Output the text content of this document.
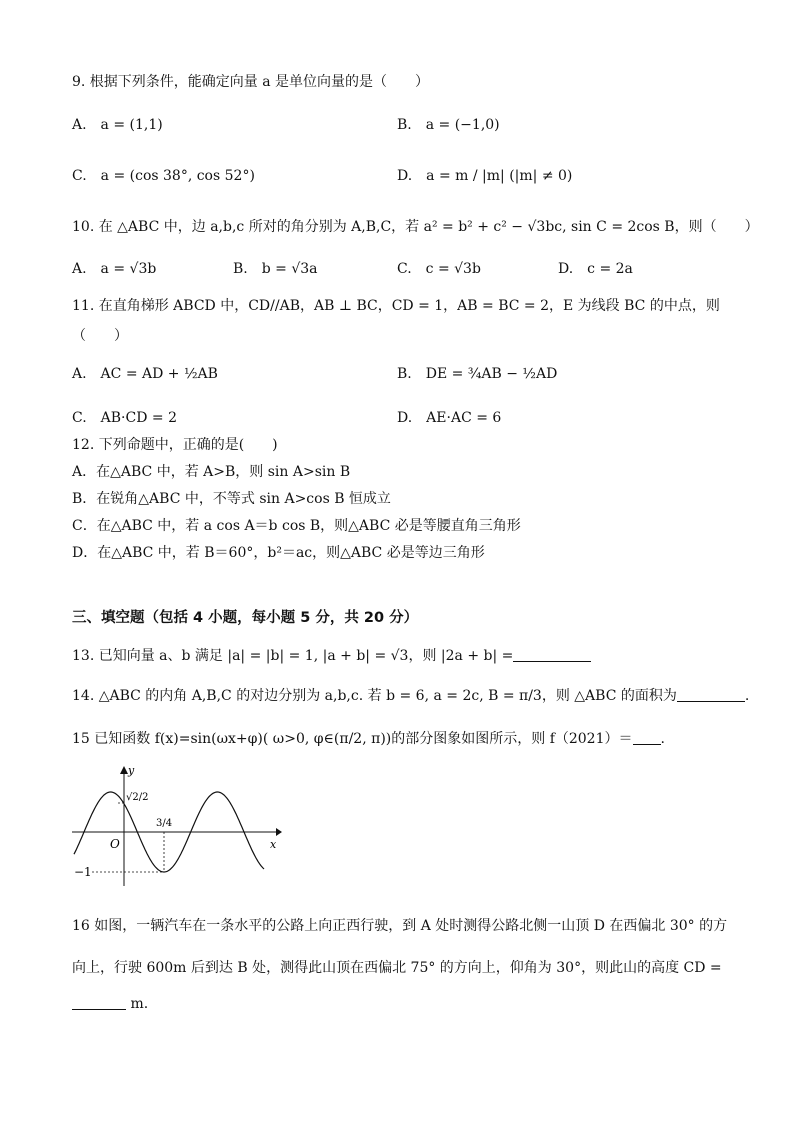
9. 根据下列条件，能确定向量 a 是单位向量的是（　　）
A.　a = (1,1)	B.　a = (−1,0)
C.　a = (cos 38°, cos 52°)	D.　a = m / |m| (|m| ≠ 0)
10. 在 △ABC 中，边 a,b,c 所对的角分别为 A,B,C，若 a² = b² + c² − √3bc, sin C = 2cos B，则（　　）
A.　a = √3b	B.　b = √3a	C.　c = √3b	D.　c = 2a
11. 在直角梯形 ABCD 中，CD//AB，AB ⊥ BC，CD = 1，AB = BC = 2，E 为线段 BC 的中点，则
（　　）
A.　AC = AD + ½AB	B.　DE = ¾AB − ½AD
C.　AB·CD = 2	D.　AE·AC = 6
12. 下列命题中，正确的是(　　)
A．在△ABC 中，若 A>B，则 sin A>sin B
B．在锐角△ABC 中，不等式 sin A>cos B 恒成立
C．在△ABC 中，若 a cos A＝b cos B，则△ABC 必是等腰直角三角形
D．在△ABC 中，若 B＝60°，b²＝ac，则△ABC 必是等边三角形
三、填空题（包括 4 小题，每小题 5 分，共 20 分）
13. 已知向量 a、b 满足 |a| = |b| = 1, |a + b| = √3，则 |2a + b| =
14. △ABC 的内角 A,B,C 的对边分别为 a,b,c. 若 b = 6, a = 2c, B = π/3，则 △ABC 的面积为	.
15 已知函数 f(x)=sin(ωx+φ)( ω>0, φ∈(π/2, π))的部分图象如图所示，则 f（2021）＝ .
y
x
O
√2/2
3/4
−1
16 如图，一辆汽车在一条水平的公路上向正西行驶，到 A 处时测得公路北侧一山顶 D 在西偏北 30° 的方
向上，行驶 600m 后到达 B 处，测得此山顶在西偏北 75° 的方向上，仰角为 30°，则此山的高度 CD =
m.
